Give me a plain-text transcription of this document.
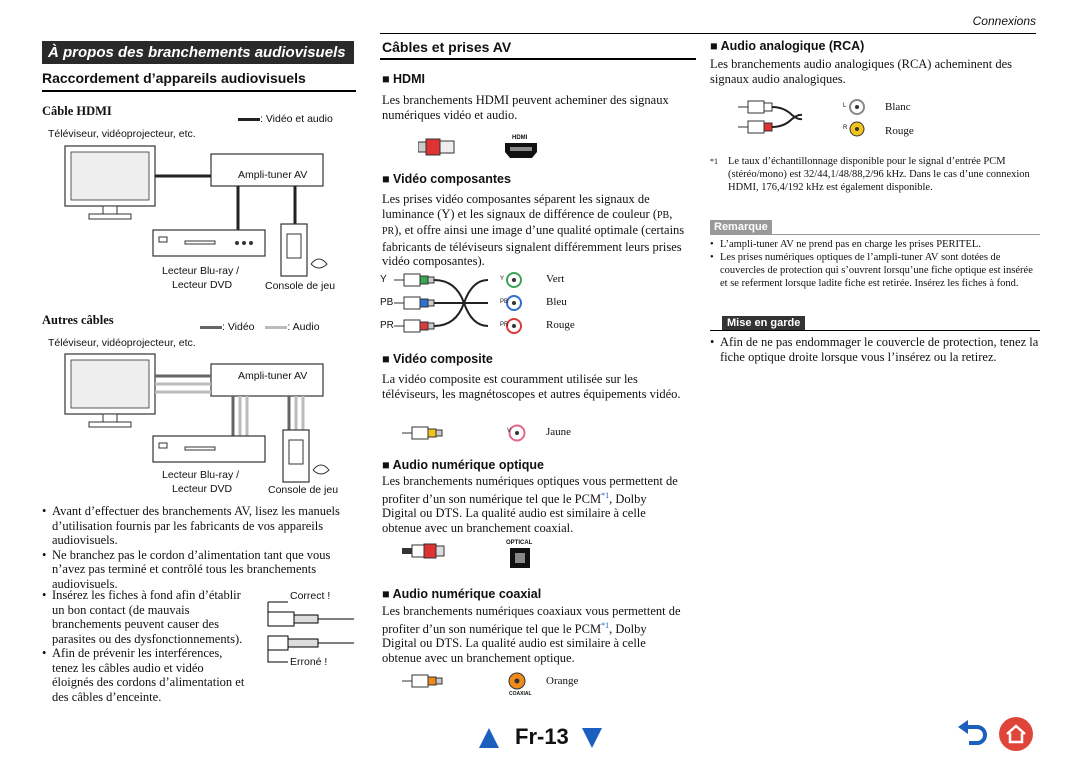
Connexions
À propos des branchements audiovisuels
Raccordement d’appareils audiovisuels
Câble HDMI
: Vidéo et audio
Téléviseur, vidéoprojecteur, etc.
Ampli-tuner AV
Lecteur Blu-ray /
Lecteur DVD	Console de jeu
Autres câbles	: Vidéo	: Audio
Téléviseur, vidéoprojecteur, etc.
Ampli-tuner AV
Lecteur Blu-ray /
Lecteur DVD	Console de jeu
• Avant d’effectuer des branchements AV, lisez les manuels d’utilisation fournis par les fabricants de vos appareils audiovisuels.
• Ne branchez pas le cordon d’alimentation tant que vous n’avez pas terminé et contrôlé tous les branchements audiovisuels.
• Insérez les fiches à fond afin d’établir un bon contact (de mauvais branchements peuvent causer des parasites ou des dysfonctionnements).
• Afin de prévenir les interférences, tenez les câbles audio et vidéo éloignés des cordons d’alimentation et des câbles d’enceinte.
Correct !
Erroné !
Câbles et prises AV
■ HDMI
Les branchements HDMI peuvent acheminer des signaux numériques vidéo et audio.
HDMI
■ Vidéo composantes
Les prises vidéo composantes séparent les signaux de luminance (Y) et les signaux de différence de couleur (PB, PR), et offre ainsi une image d’une qualité optimale (certains fabricants de téléviseurs signalent différemment leurs prises vidéo composantes).
Y	Y	Vert
PB	PB	Bleu
PR	PR	Rouge
■ Vidéo composite
La vidéo composite est couramment utilisée sur les téléviseurs, les magnétoscopes et autres équipements vidéo.
V	Jaune
■ Audio numérique optique
Les branchements numériques optiques vous permettent de profiter d’un son numérique tel que le PCM$^{*1}$, Dolby Digital ou DTS. La qualité audio est similaire à celle obtenue avec un branchement coaxial.
OPTICAL
■ Audio numérique coaxial
Les branchements numériques coaxiaux vous permettent de profiter d’un son numérique tel que le PCM$^{*1}$, Dolby Digital ou DTS. La qualité audio est similaire à celle obtenue avec un branchement optique.
COAXIAL
Orange
■ Audio analogique (RCA)
Les branchements audio analogiques (RCA) acheminent des signaux audio analogiques.
L
R
Blanc
Rouge
*1 Le taux d’échantillonnage disponible pour le signal d’entrée PCM (stéréo/mono) est 32/44,1/48/88,2/96 kHz. Dans le cas d’une connexion HDMI, 176,4/192 kHz est également disponible.
Remarque
• L’ampli-tuner AV ne prend pas en charge les prises PERITEL.
• Les prises numériques optiques de l’ampli-tuner AV sont dotées de couvercles de protection qui s’ouvrent lorsqu’une fiche optique est insérée et se referment lorsque ladite fiche est retirée. Insérez les fiches à fond.
Mise en garde
• Afin de ne pas endommager le couvercle de protection, tenez la fiche optique droite lorsque vous l’insérez ou la retirez.
Fr-13
